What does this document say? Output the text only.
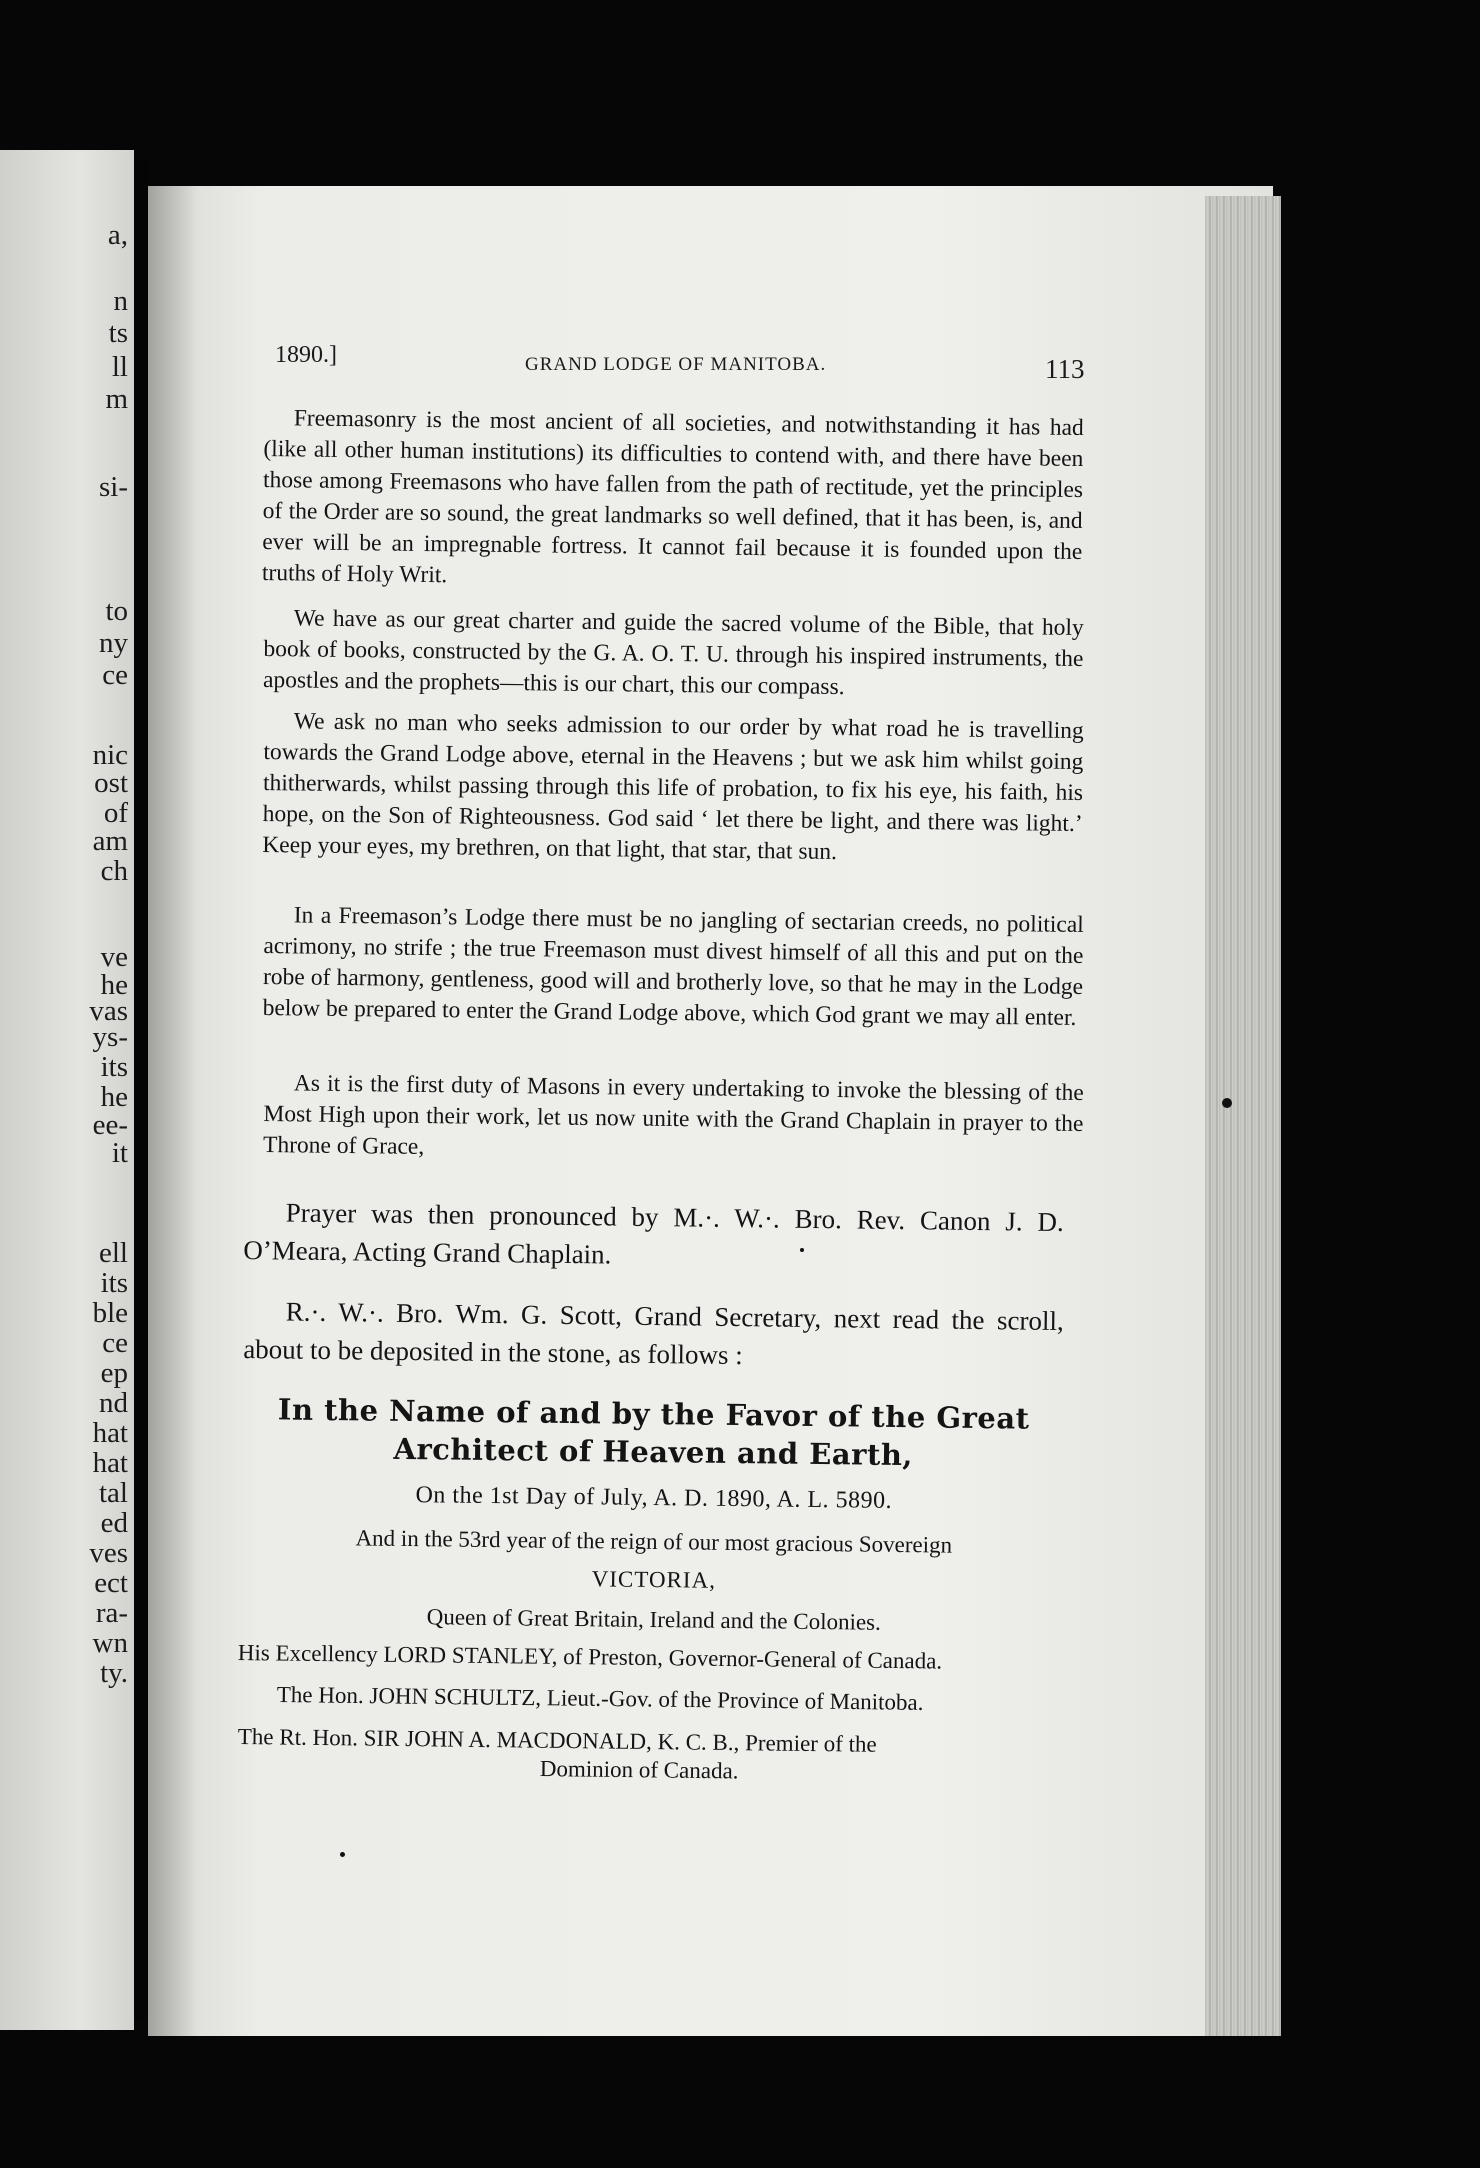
a,
n
ts
ll
m
si-
to
ny
ce
nic
ost
of
am
ch
ve
he
vas
ys-
its
he
ee-
it
ell
its
ble
ce
ep
nd
hat
hat
tal
ed
ves
ect
ra-
wn
ty.
1890.]	GRAND LODGE OF MANITOBA.	113

Freemasonry is the most ancient of all societies, and notwithstanding it has had (like all other human institutions) its difficulties to contend with, and there have been those among Freemasons who have fallen from the path of rectitude, yet the principles of the Order are so sound, the great landmarks so well defined, that it has been, is, and ever will be an impregnable fortress. It cannot fail because it is founded upon the truths of Holy Writ.

We have as our great charter and guide the sacred volume of the Bible, that holy book of books, constructed by the G. A. O. T. U. through his inspired instruments, the apostles and the prophets—this is our chart, this our compass.

We ask no man who seeks admission to our order by what road he is travelling towards the Grand Lodge above, eternal in the Heavens ; but we ask him whilst going thitherwards, whilst passing through this life of probation, to fix his eye, his faith, his hope, on the Son of Righteousness. God said ‘ let there be light, and there was light.’ Keep your eyes, my brethren, on that light, that star, that sun.

In a Freemason’s Lodge there must be no jangling of sectarian creeds, no political acrimony, no strife ; the true Freemason must divest himself of all this and put on the robe of harmony, gentleness, good will and brotherly love, so that he may in the Lodge below be prepared to enter the Grand Lodge above, which God grant we may all enter.

As it is the first duty of Masons in every undertaking to invoke the blessing of the Most High upon their work, let us now unite with the Grand Chaplain in prayer to the Throne of Grace,

Prayer was then pronounced by M.·. W.·. Bro. Rev. Canon J. D. O’Meara, Acting Grand Chaplain.

R.·. W.·. Bro. Wm. G. Scott, Grand Secretary, next read the scroll, about to be deposited in the stone, as follows :

In the Name of and by the Favor of the Great
Architect of Heaven and Earth,
On the 1st Day of July, A. D. 1890, A. L. 5890.
And in the 53rd year of the reign of our most gracious Sovereign
VICTORIA,
Queen of Great Britain, Ireland and the Colonies.
His Excellency LORD STANLEY, of Preston, Governor-General of Canada.
The Hon. JOHN SCHULTZ, Lieut.-Gov. of the Province of Manitoba.
The Rt. Hon. SIR JOHN A. MACDONALD, K. C. B., Premier of the
Dominion of Canada.
